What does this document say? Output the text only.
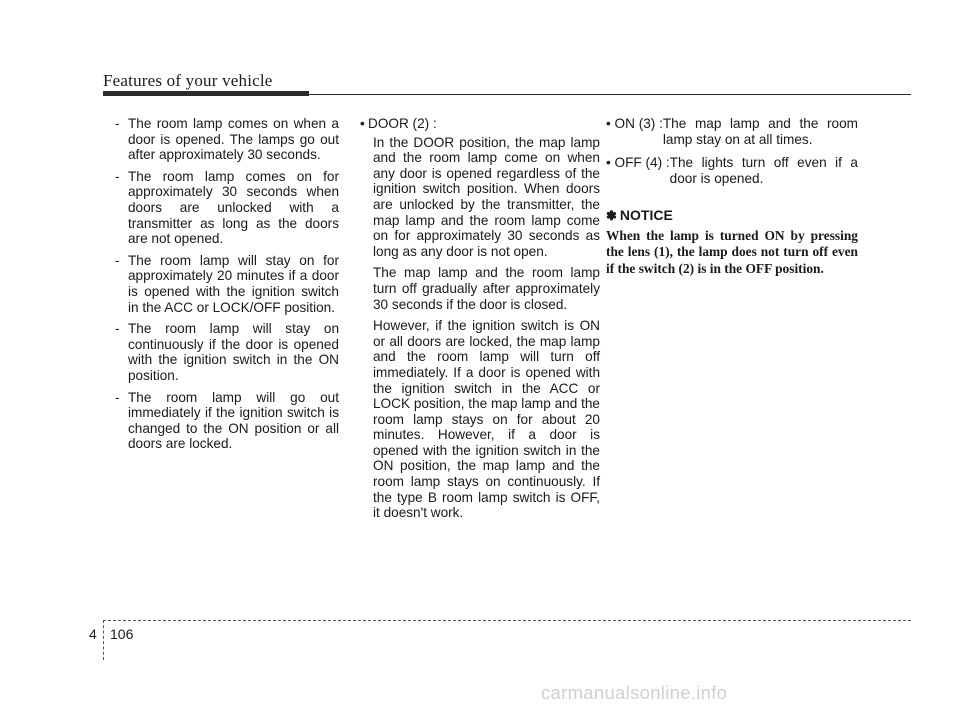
Features of your vehicle
- The room lamp comes on when a door is opened. The lamps go out after approximately 30 seconds.
- The room lamp comes on for approximately 30 seconds when doors are unlocked with a transmitter as long as the doors are not opened.
- The room lamp will stay on for approximately 20 minutes if a door is opened with the ignition switch in the ACC or LOCK/OFF position.
- The room lamp will stay on continuously if the door is opened with the ignition switch in the ON position.
- The room lamp will go out immediately if the ignition switch is changed to the ON position or all doors are locked.
• DOOR (2) :
In the DOOR position, the map lamp and the room lamp come on when any door is opened regardless of the ignition switch position. When doors are unlocked by the transmitter, the map lamp and the room lamp come on for approximately 30 seconds as long as any door is not open.
The map lamp and the room lamp turn off gradually after approximately 30 seconds if the door is closed.
However, if the ignition switch is ON or all doors are locked, the map lamp and the room lamp will turn off immediately. If a door is opened with the ignition switch in the ACC or LOCK position, the map lamp and the room lamp stays on for about 20 minutes. However, if a door is opened with the ignition switch in the ON position, the map lamp and the room lamp stays on continuously. If the type B room lamp switch is OFF, it doesn't work.
• ON (3) : The map lamp and the room lamp stay on at all times.
• OFF (4) : The lights turn off even if a door is opened.
✽ NOTICE
When the lamp is turned ON by pressing the lens (1), the lamp does not turn off even if the switch (2) is in the OFF position.
4 106
carmanualsonline.info
